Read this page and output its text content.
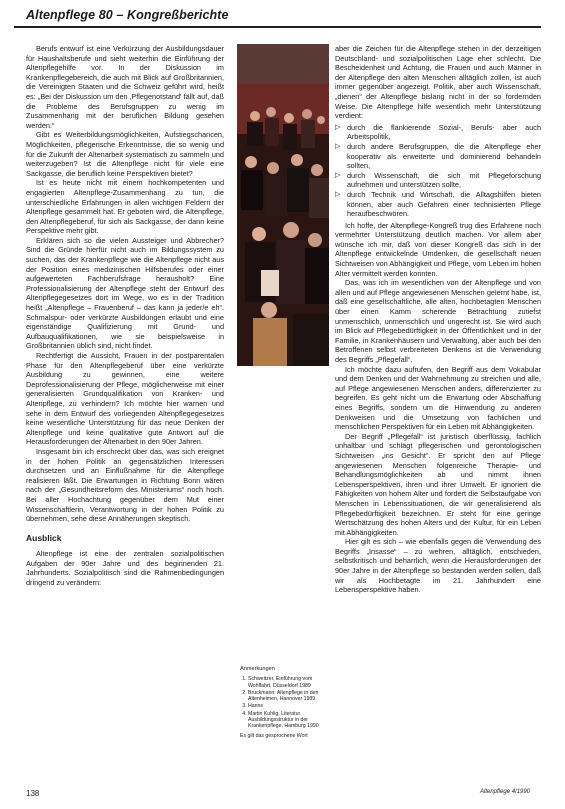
Altenpflege 80 – Kongreßberichte

Berufs entwurf ist eine Verkürzung der Ausbildungsdauer für Haushaltsberufe und sieht weiterhin die Einführung der Altenpflegehilfe vor. In der Diskussion im Krankenpflegebereich, die auch mit Blick auf Großbritannien, die Vereinigten Staaten und die Schweiz geführt wird, heißt es: „Bei der Diskussion um den ‚Pflegenotstand' fällt auf, daß die Probleme des Berufsgruppen zu wenig im Zusammenhang mit der beruflichen Bildung gesehen werden.“

Gibt es Weiterbildungsmöglichkeiten, Aufstiegschancen, Möglichkeiten, pflegerische Erkenntnisse, die so wenig und für die Zukunft der Altenarbeit systematisch zu sammeln und weiterzugeben? Ist die Altenpflege nicht für viele eine Sackgasse, die beruflich keine Perspektiven bietet?

Ist es heute nicht mit einem hochkompetenten und engagierten Altenpflege-Zusammenhang zu tun, die unterschiedliche Erfahrungen in allen wichtigen Feldern der Altenpflege gesammelt hat. Er geboten wird, die Altenpflege, den Altenpflegeberuf, für sich als Sackgasse, der dann keine Perspektive mehr gibt.

Erklären sich so die vielen Aussteiger und Abbrecher? Sind die Gründe hierfür nicht auch im Bildungssystem zu suchen, das der Krankenpflege wie die Altenpflege nicht aus der Position eines medizinischen Hilfsberufes oder einer aufgewerteten Fachberufsfrage herausholt? Eine Professionalisierung der Altenpflege steht der Entwurf des Altenpflegegesetzes dort im Wege, wo es in der Tradition heißt „Altenpflege – Frauenberuf – das kann ja jeder/e eh“. Schmalspur- oder verkürzte Ausbildungen erlaubt und eine eigenständige Qualifizierung mit Grund- und Aufbauqualifikationen, wie sie beispielsweise in Großbritannien üblich sind, nicht findet.

Rechtfertigt die Aussicht, Frauen in der postparentalen Phase für den Altenpflegeberuf über eine verkürzte Ausbildung zu gewinnen, eine weitere Deprofessionalisierung der Pflege, möglicherweise mit einer generalisierten Grundqualifikation von Kranken- und Altenpflege, zu verhindern? Ich möchte hier warnen und sehe in dem Entwurf des vorliegenden Altenpflegegesetzes keine wesentliche Unterstützung für das neue Denken der Altenpflege und keine qualitative gute Antwort auf die Herausforderungen der Altenarbeit in den 90er Jahren.

Insgesamt bin ich erschreckt über das, was sich ereignet in der hohen Politik an gegensätzlichen Interessen durchsetzen und an Einflußnahme für die Altenpflege realisieren läßt. Die Erwartungen in Richtung Bonn wären nach der „Gesundheitsreform des Ministeriums“ noch hoch. Bei aller Hochachtung gegenüber dem Mut einer Wissenschaftlerin, Verantwortung in der hohen Politik zu übernehmen, sehe diese Annäherungen skeptisch.

Ausblick

Altenpflege ist eine der zentralen sozialpolitischen Aufgaben der 90er Jahre und des beginnenden 21. Jahrhunderts. Sozialpolitisch sind die Rahmenbedingungen dringend zu verändern:

aber die Zeichen für die Altenpflege stehen in der derzeitigen Deutschland- und sozialpolitischen Lage eher schlecht. Die Bescheidenheit und Achtung, die Frauen und auch Männer in der Altenpflege den alten Menschen alltäglich zollen, ist auch immer gegenüber angezeigt. Politik, aber auch Wissenschaft, „dienen“ der Altenpflege bislang nicht in der so fordernden Weise. Die Altenpflege hilfe wesentlich mehr Unterstützung verdient:

▷ durch die flankierende Sozial-, Berufs- aber auch Arbeitspolitik,
▷ durch andere Berufsgruppen, die die Altenpflege eher kooperativ als erweiterte und dominierend behandeln sollten,
▷ durch Wissenschaft, die sich mit Pflegeforschung aufnehmen und unterstützen sollte,
▷ durch Technik und Wirtschaft, die Alltagshilfen bieten können, aber auch Gefahren einer technisierten Pflege heraufbeschwören.

Ich hoffe, der Altenpflege-Kongreß trug dies Erfahrene noch vermehrter Unterstützung deutlich machen. Vor allem aber wünsche ich mir, daß von dieser Kongreß das sich in der Altenpflege entwickelnde Umdenken, die gesellschaft neuen Sichtweisen von Abhängigkeit und Pflege, vom Leben im hohen Alter vermittelt werden konnten.

Das, was ich im wesentlichen von der Altenpflege und von allen und auf Pflege angewiesenen Menschen gelernt habe, ist, daß eine gesellschaftliche, alle alten, hochbetagten Menschen über einen Kamm scherende Betrachtung zutiefst unmenschlich, unmenschlich und ungerecht ist. Sie wird auch im Blick auf Pflegebedürftigkeit in der Öffentlichkeit und in der Familie, in Krankenhäusern und Verwaltung, aber auch bei den Betroffenen selbst verbreiteten Denkens ist die Verwendung des Begriffs „Pflegefall“.

Ich möchte dazu aufrufen, den Begriff aus dem Vokabular und dem Denken und der Wahrnehmung zu streichen und alle, auf Pflege angewiesenen Menschen anders, differenzierter zu begreifen. Es geht nicht um die Erwartung oder Abschaffung eines Begriffs, sondern um die Hinwendung zu anderen Denkweisen und die Umsetzung von fachlichen und menschlichen Perspektiven für ein Leben mit Abhängigkeiten.

Der Begriff „Pflegefall“ ist juristisch überflüssig, fachlich unhaltbar und schlägt pflegerischen und gerontologischen Sichtweisen „ins Gesicht“. Er spricht den auf Pflege angewiesenen Menschen folgenreiche Therapie- und Behandlungsmöglichkeiten ab und nimmt ihnen Lebensperspektiven, ihren und ihrer Umwelt. Er ignoriert die Fähigkeiten von hohem Alter und fordert die Selbstaufgabe von Menschen in Lebenssituationen, die wir generalisierend als Pflegebedürftigkeit bezeichnen. Er steht für eine geringe Wertschätzung des hohen Alters und der Kultur, für ein Leben mit Abhängigkeiten.

Hier gilt es sich – wie ebenfalls gegen die Verwendung des Begriffs „Insasse“ – zu wehren, alltäglich, entschieden, selbstkritisch und beharrlich, wenn die Herausforderungen der 90er Jahre in der Altenpflege so bestanden werden sollen, daß wir als Hochbetagte im 21. Jahrhundert eine Lebensperspektive haben.

Anmerkungen
1. Schweitzer, Einführung vom Wohlfahrt, Düsseldorf 1989
2. Bruckmann: Altenpflege in den Altenheimen, Hannover 1989
3. Hanns
4. Martin Kuhlig, Literatur Ausbildungsstruktur in der Krankenpflege, Hamburg 1990
Es gilt das gesprochene Wort
138	Altenpflege 4/1990
